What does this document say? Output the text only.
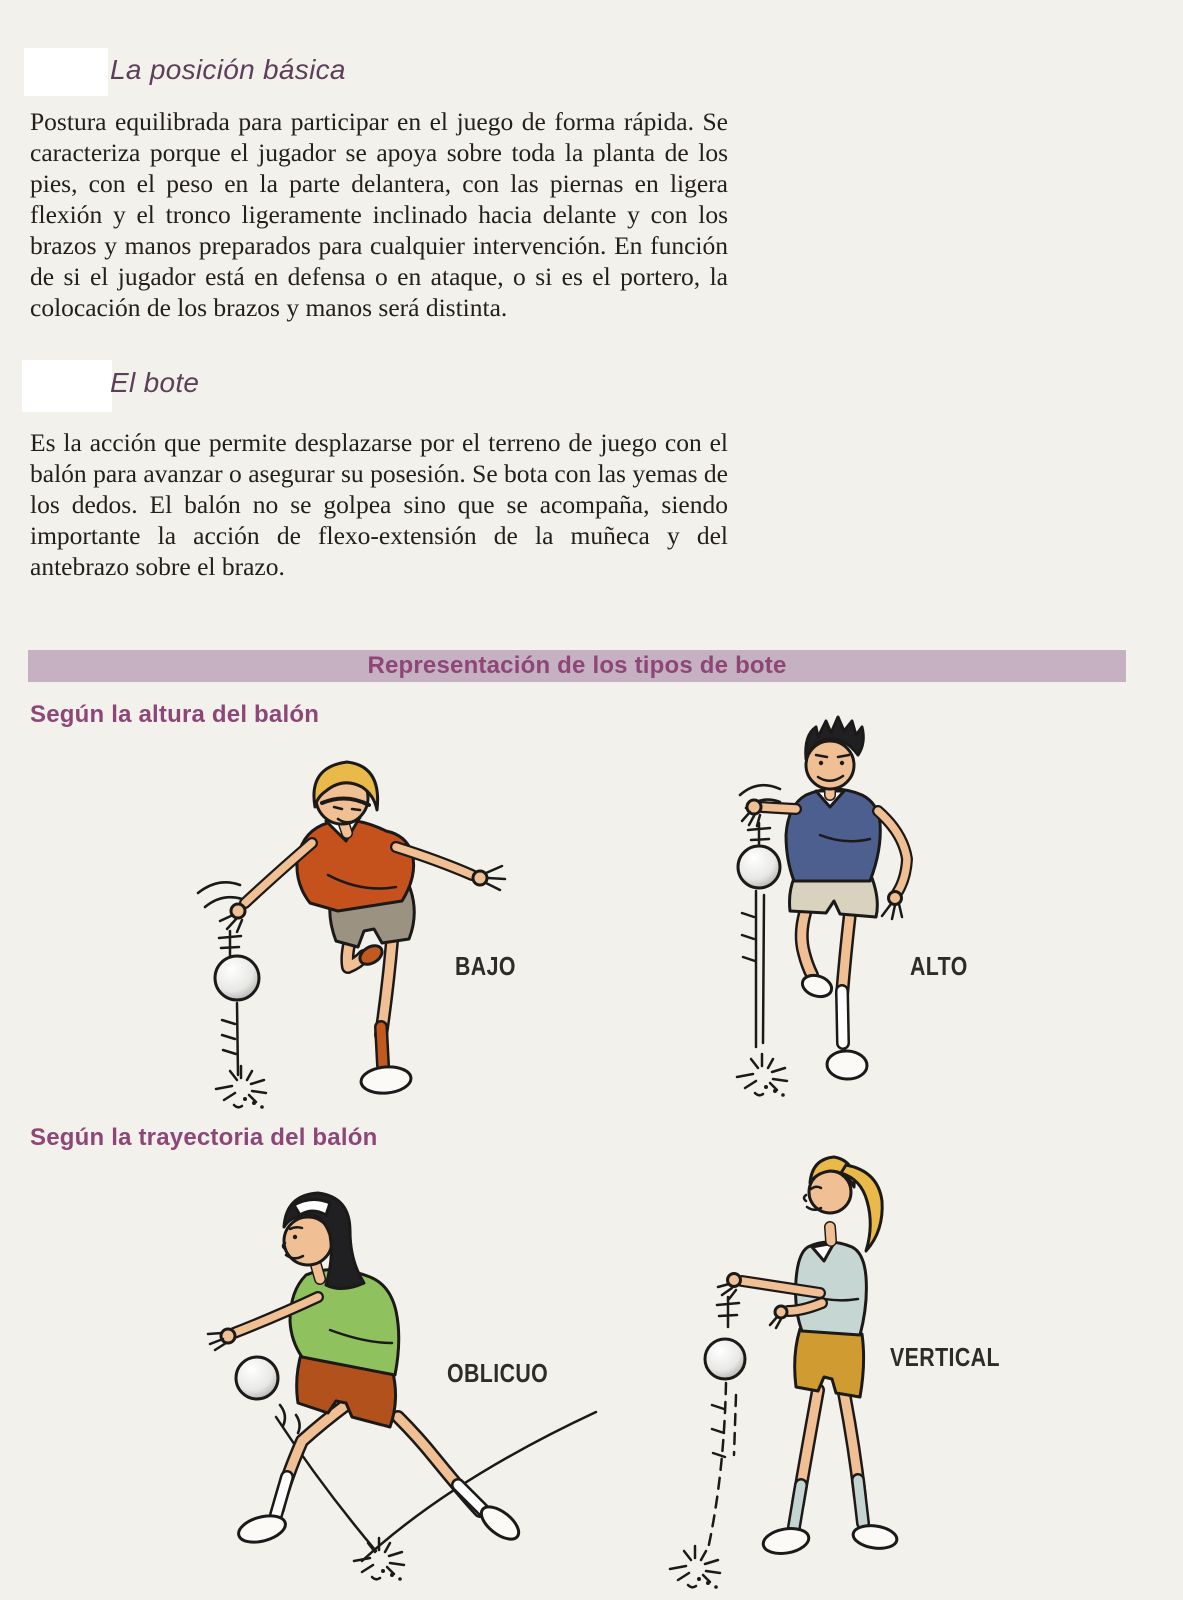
La posición básica

Postura equilibrada para participar en el juego de forma rápida. Se caracteriza porque el jugador se apoya sobre toda la planta de los pies, con el peso en la parte delantera, con las piernas en ligera flexión y el tronco ligeramente inclinado hacia delante y con los brazos y manos preparados para cualquier intervención. En función de si el jugador está en defensa o en ataque, o si es el portero, la colocación de los brazos y manos será distinta.

El bote

Es la acción que permite desplazarse por el terreno de juego con el balón para avanzar o asegurar su posesión. Se bota con las yemas de los dedos. El balón no se golpea sino que se acompaña, siendo importante la acción de flexo-extensión de la muñeca y del antebrazo sobre el brazo.

Representación de los tipos de bote
Según la altura del balón
BAJO	ALTO
Según la trayectoria del balón
OBLICUO
VERTICAL
